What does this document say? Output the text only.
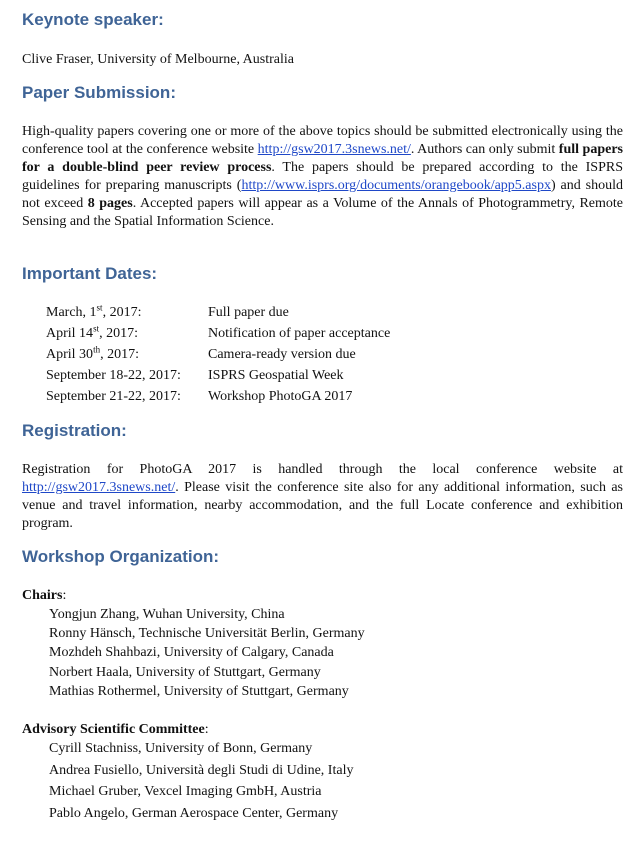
Keynote speaker:

Clive Fraser, University of Melbourne, Australia

Paper Submission:

High-quality papers covering one or more of the above topics should be submitted electronically using the conference tool at the conference website http://gsw2017.3snews.net/. Authors can only submit full papers for a double-blind peer review process. The papers should be prepared according to the ISPRS guidelines for preparing manuscripts (http://www.isprs.org/documents/orangebook/app5.aspx) and should not exceed 8 pages. Accepted papers will appear as a Volume of the Annals of Photogrammetry, Remote Sensing and the Spatial Information Science.

Important Dates:
March, 1st, 2017:	Full paper due
April 14st, 2017:	Notification of paper acceptance
April 30th, 2017:	Camera-ready version due
September 18-22, 2017:	ISPRS Geospatial Week
September 21-22, 2017:	Workshop PhotoGA 2017
Registration:

Registration for PhotoGA 2017 is handled through the local conference website at http://gsw2017.3snews.net/. Please visit the conference site also for any additional information, such as venue and travel information, nearby accommodation, and the full Locate conference and exhibition program.

Workshop Organization:
Chairs:
Yongjun Zhang, Wuhan University, China
Ronny Hänsch, Technische Universität Berlin, Germany
Mozhdeh Shahbazi, University of Calgary, Canada
Norbert Haala, University of Stuttgart, Germany
Mathias Rothermel, University of Stuttgart, Germany
Advisory Scientific Committee:
Cyrill Stachniss, University of Bonn, Germany
Andrea Fusiello, Università degli Studi di Udine, Italy
Michael Gruber, Vexcel Imaging GmbH, Austria
Pablo Angelo, German Aerospace Center, Germany
